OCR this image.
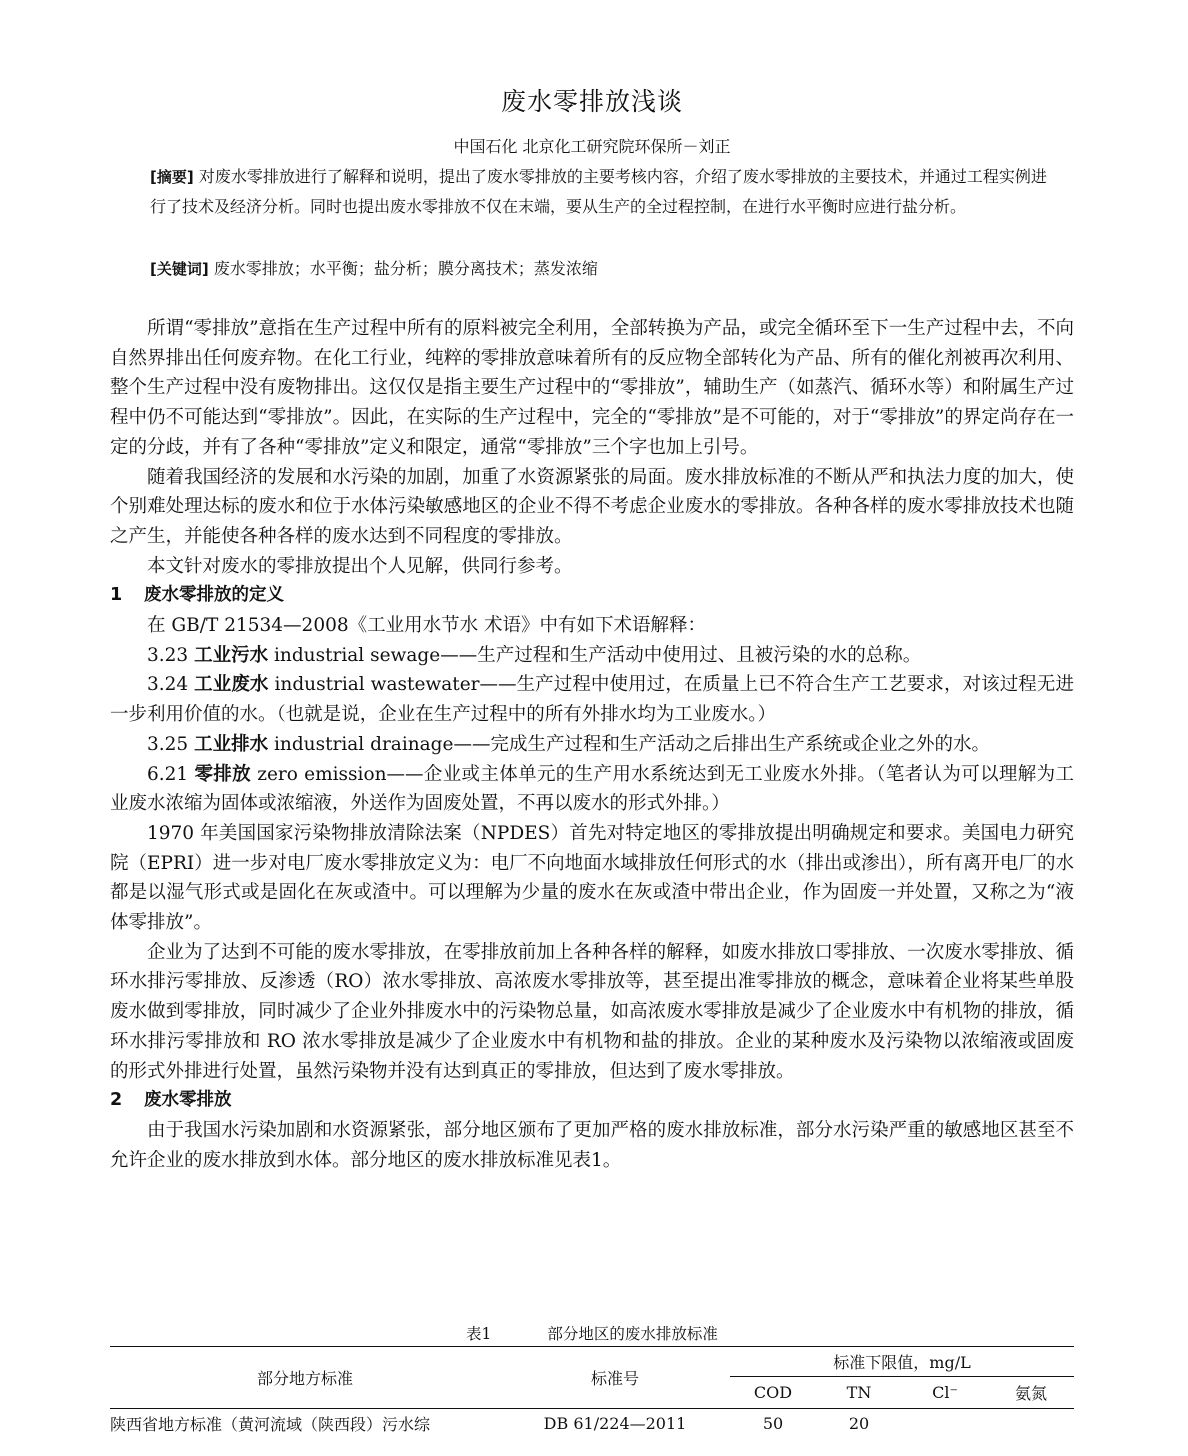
废水零排放浅谈
中国石化 北京化工研究院环保所－刘正
[摘要] 对废水零排放进行了解释和说明，提出了废水零排放的主要考核内容，介绍了废水零排放的主要技术，并通过工程实例进行了技术及经济分析。同时也提出废水零排放不仅在末端，要从生产的全过程控制，在进行水平衡时应进行盐分析。
[关键词] 废水零排放；水平衡；盐分析；膜分离技术；蒸发浓缩

所谓“零排放”意指在生产过程中所有的原料被完全利用，全部转换为产品，或完全循环至下一生产过程中去，不向自然界排出任何废弃物。在化工行业，纯粹的零排放意味着所有的反应物全部转化为产品、所有的催化剂被再次利用、整个生产过程中没有废物排出。这仅仅是指主要生产过程中的“零排放”，辅助生产（如蒸汽、循环水等）和附属生产过程中仍不可能达到“零排放”。因此，在实际的生产过程中，完全的“零排放”是不可能的，对于“零排放”的界定尚存在一定的分歧，并有了各种“零排放”定义和限定，通常“零排放”三个字也加上引号。

随着我国经济的发展和水污染的加剧，加重了水资源紧张的局面。废水排放标准的不断从严和执法力度的加大，使个别难处理达标的废水和位于水体污染敏感地区的企业不得不考虑企业废水的零排放。各种各样的废水零排放技术也随之产生，并能使各种各样的废水达到不同程度的零排放。

本文针对废水的零排放提出个人见解，供同行参考。

1 废水零排放的定义

在 GB/T 21534—2008《工业用水节水 术语》中有如下术语解释：

3.23 工业污水 industrial sewage——生产过程和生产活动中使用过、且被污染的水的总称。

3.24 工业废水 industrial wastewater——生产过程中使用过，在质量上已不符合生产工艺要求，对该过程无进一步利用价值的水。（也就是说，企业在生产过程中的所有外排水均为工业废水。）

3.25 工业排水 industrial drainage——完成生产过程和生产活动之后排出生产系统或企业之外的水。

6.21 零排放 zero emission——企业或主体单元的生产用水系统达到无工业废水外排。（笔者认为可以理解为工业废水浓缩为固体或浓缩液，外送作为固废处置，不再以废水的形式外排。）

1970 年美国国家污染物排放清除法案（NPDES）首先对特定地区的零排放提出明确规定和要求。美国电力研究院（EPRI）进一步对电厂废水零排放定义为：电厂不向地面水域排放任何形式的水（排出或渗出），所有离开电厂的水都是以湿气形式或是固化在灰或渣中。可以理解为少量的废水在灰或渣中带出企业，作为固废一并处置，又称之为“液体零排放”。

企业为了达到不可能的废水零排放，在零排放前加上各种各样的解释，如废水排放口零排放、一次废水零排放、循环水排污零排放、反渗透（RO）浓水零排放、高浓废水零排放等，甚至提出准零排放的概念，意味着企业将某些单股废水做到零排放，同时减少了企业外排废水中的污染物总量，如高浓废水零排放是减少了企业废水中有机物的排放，循环水排污零排放和 RO 浓水零排放是减少了企业废水中有机物和盐的排放。企业的某种废水及污染物以浓缩液或固废的形式外排进行处置，虽然污染物并没有达到真正的零排放，但达到了废水零排放。

2 废水零排放

由于我国水污染加剧和水资源紧张，部分地区颁布了更加严格的废水排放标准，部分水污染严重的敏感地区甚至不允许企业的废水排放到水体。部分地区的废水排放标准见表1。

表1	部分地区的废水排放标准
部分地方标准	标准号	标准下限值，mg/L			
		COD	TN	Cl⁻	氨氮
陕西省地方标准（黄河流域（陕西段）污水综	DB 61/224—2011	50	20		
